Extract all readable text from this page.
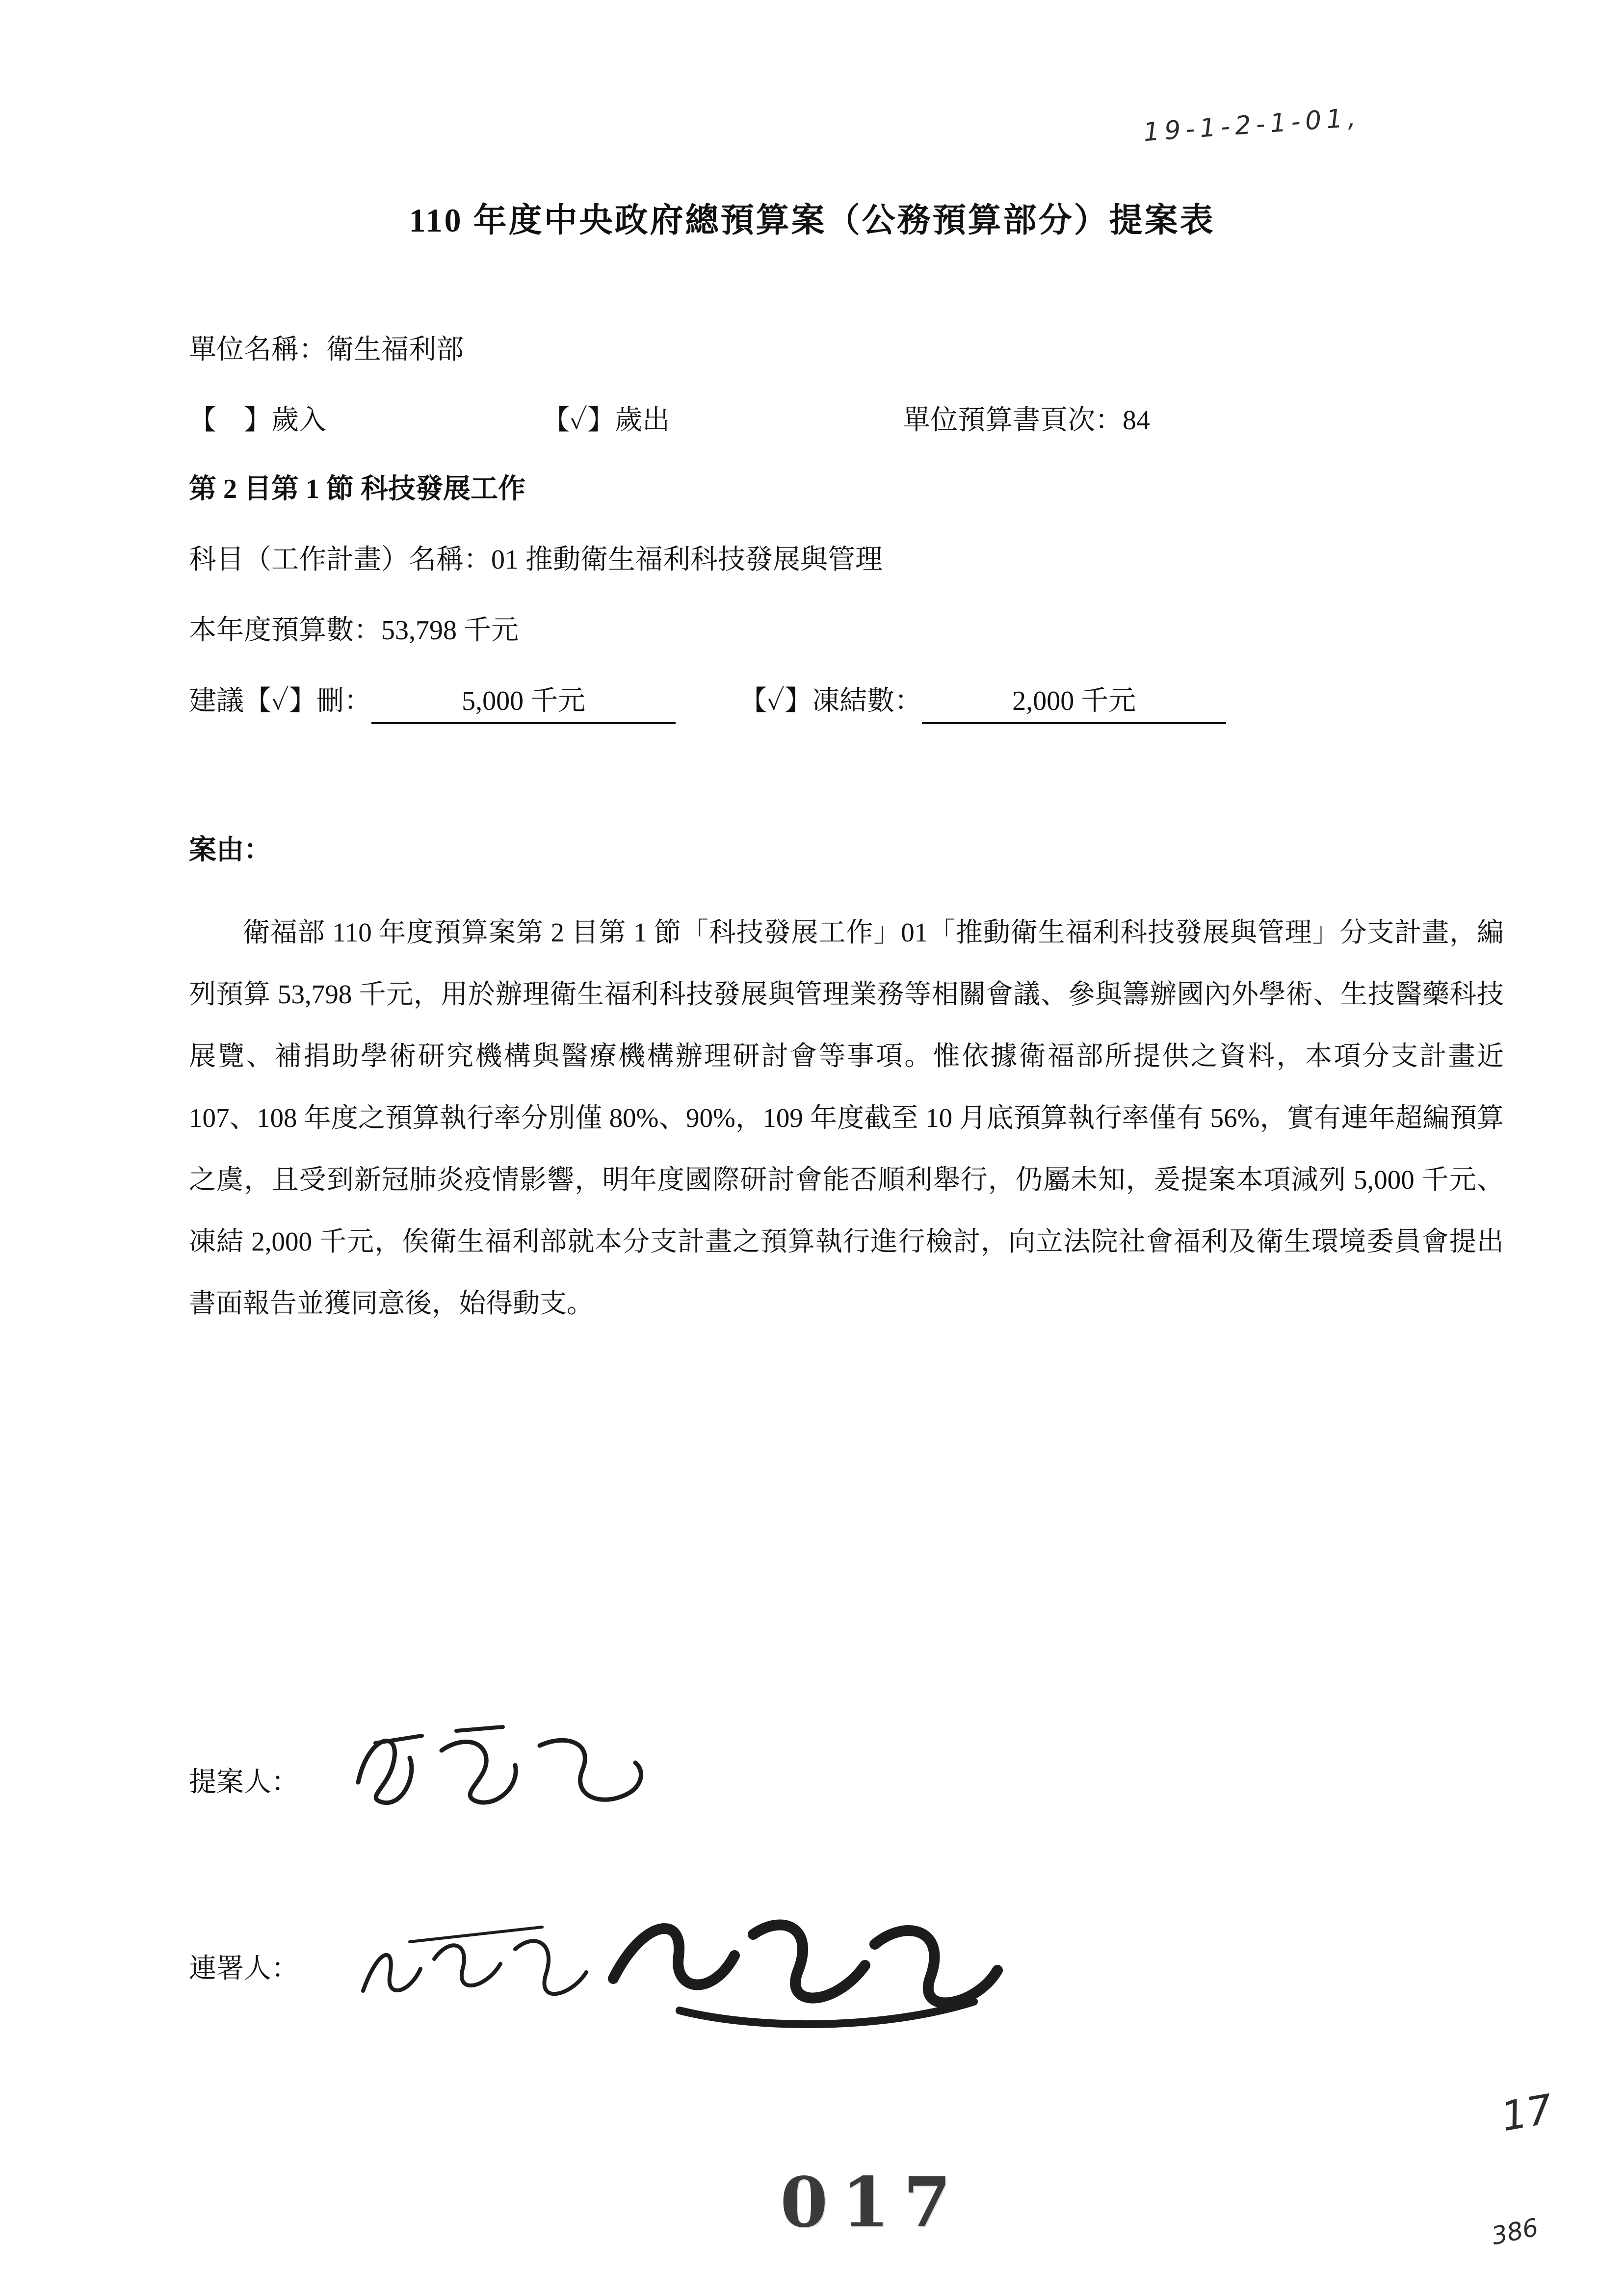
19-1-2-1-01,
110 年度中央政府總預算案（公務預算部分）提案表
單位名稱：衛生福利部
【　】歲入	【✓】歲出	單位預算書頁次：84
第 2 目第 1 節 科技發展工作
科目（工作計畫）名稱：01 推動衛生福利科技發展與管理
本年度預算數：53,798 千元
建議【✓】刪：	5,000 千元	【✓】凍結數：	2,000 千元
案由：
衛福部 110 年度預算案第 2 目第 1 節「科技發展工作」01「推動衛生福利科技發展與管理」分支計畫，編列預算 53,798 千元，用於辦理衛生福利科技發展與管理業務等相關會議、參與籌辦國內外學術、生技醫藥科技展覽、補捐助學術研究機構與醫療機構辦理研討會等事項。惟依據衛福部所提供之資料，本項分支計畫近 107、108 年度之預算執行率分別僅 80%、90%，109 年度截至 10 月底預算執行率僅有 56%，實有連年超編預算之虞，且受到新冠肺炎疫情影響，明年度國際研討會能否順利舉行，仍屬未知，爰提案本項減列 5,000 千元、凍結 2,000 千元，俟衛生福利部就本分支計畫之預算執行進行檢討，向立法院社會福利及衛生環境委員會提出書面報告並獲同意後，始得動支。
提案人：
連署人：
017
17
386
